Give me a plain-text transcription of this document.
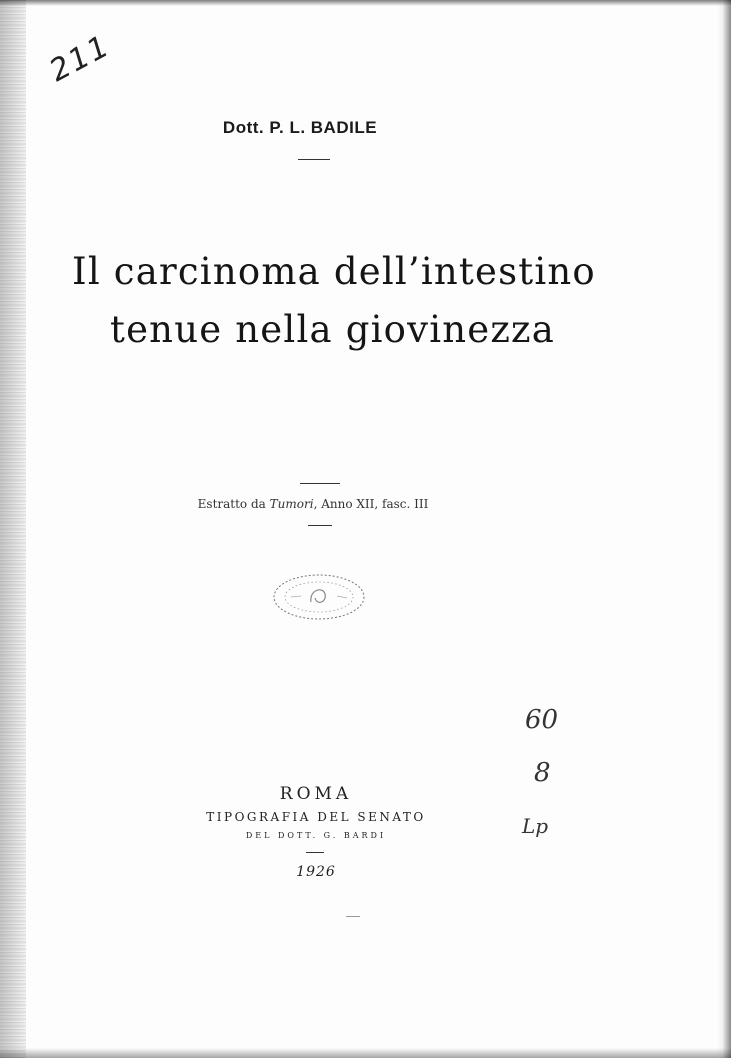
211
Dott. P. L. BADILE
Il carcinoma dell’intestino
tenue nella giovinezza
Estratto da Tumori, Anno XII, fasc. III
60
8
Lp
ROMA
TIPOGRAFIA DEL SENATO
DEL DOTT. G. BARDI
1926
